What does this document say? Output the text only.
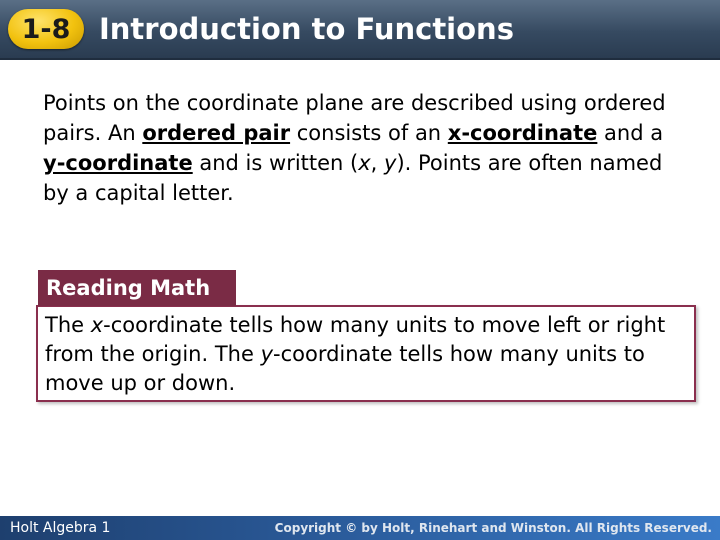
1-8 Introduction to Functions
Points on the coordinate plane are described using ordered pairs. An ordered pair consists of an x-coordinate and a y-coordinate and is written (x, y). Points are often named by a capital letter.
Reading Math
The x-coordinate tells how many units to move left or right from the origin. The y-coordinate tells how many units to move up or down.
Holt Algebra 1	Copyright © by Holt, Rinehart and Winston. All Rights Reserved.
